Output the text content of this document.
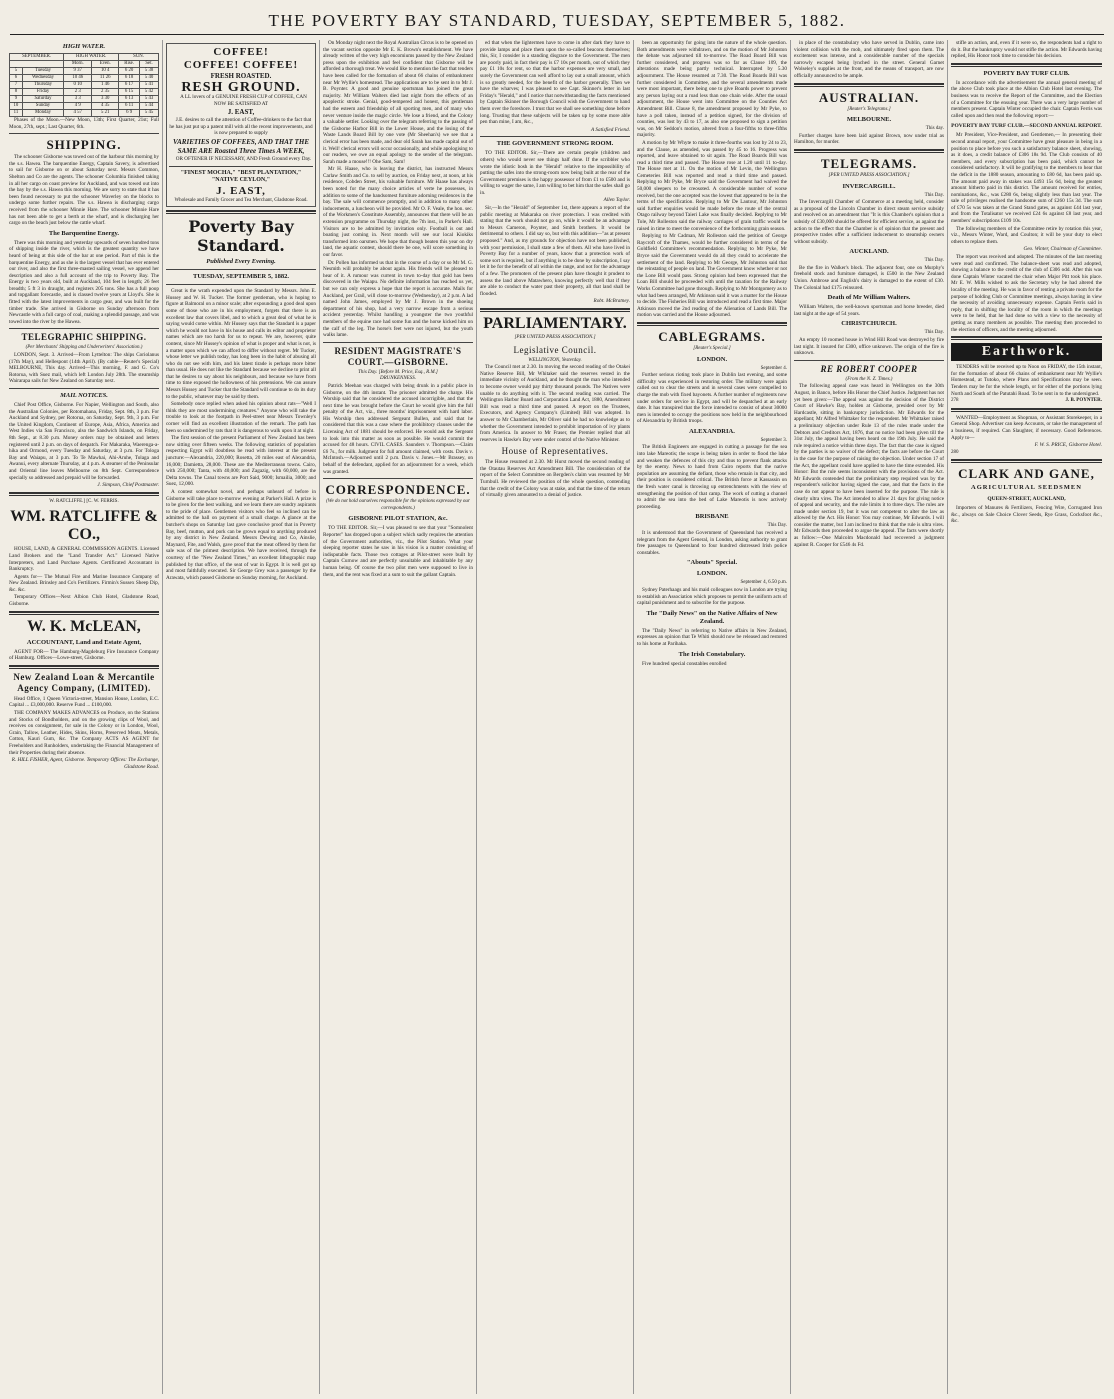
THE POVERTY BAY STANDARD, TUESDAY, SEPTEMBER 5, 1882.
HIGH WATER.
SEPTEMBER.		HIGH WATER.		SUN.	
		Morn.	Even.	Rise.	Set.
5	Tuesday	9 37	10 4	6 20	5 38
6	Wednesday	10 46	11 26	6 18	5 40
7	Thursday	0 10	1 46	6 17	5 41
8	Friday	2 3	2 35	6 15	5 42
9	Saturday	3 3	3 30	6 13	5 43
10	Sunday	4 9	4 35	6 11	5 44
11	Monday	4 57	5 21	6 9	5 45

Phases of the Moon.—New Moon, 13th; First Quarter, 21st; Full Moon, 27th, sept.; Last Quarter, 6th.

SHIPPING.

The schooner Gisborne was towed out of the harbour this morning by the s.s. Hawea. The barquentine Energy, Captain Savery, is advertised to sail for Gisborne on or about Saturday next. Messrs Common, Shelton and Co are the agents. The schooner Columbia finished taking in all her cargo on coast preview for Auckland, and was towed out into the bay by the s.s. Hawea this morning. We are sorry to state that it has been found necessary to put the schooner Waverley on the blocks to undergo some further repairs. The s.s. Hawea is discharging cargo received from the schooner Minnie Hare. The schooner Minnie Hare has not been able to get a berth at the wharf, and is discharging her cargo on the beach just below the cattle wharf.

The Barquentine Energy.

There was this morning and yesterday upwards of seven hundred tons of shipping inside the river, which is the greatest quantity we have heard of being at this side of the bar at one period. Part of this is the barquentine Energy, and as she is the largest vessel that has ever entered our river, and also the first three-masted sailing vessel, we append her description and also a full account of the trip to Poverty Bay. The Energy is two years old, built at Auckland, 104 feet in length; 26 feet breadth; 5 ft 3 in draught, and registers 205 tons. She has a full poop and topgallant forecastle, and is classed twelve years at Lloyd's. She is fitted with the latest improvements in cargo gear, and was built for the timber trade. She arrived in Gisborne on Sunday afternoon from Newcastle with a full cargo of coal, making a splendid passage, and was towed into the river by the Hawea.

TELEGRAPHIC SHIPPING.
(Per Merchants' Shipping and Underwriters' Association.)

LONDON, Sept. 3. Arrived—From Lyttelton: The ships Coriolanus (17th May), and Hellespont (14th April). (By cable—Reuter's Special) MELBOURNE, This day. Arrived—This morning, F. and G. Co's Rotorua, with Suez mail, which left London July 28th. The steamship Wairarapa sails for New Zealand on Saturday next.

MAIL NOTICES.

Chief Post Office, Gisborne. For Napier, Wellington and South, also the Australian Colonies, per Rotomahana, Friday, Sept. 8th, 3 p.m. For Auckland and Sydney, per Rotorua, on Saturday, Sept. 9th, 3 p.m. For the United Kingdom, Continent of Europe, Asia, Africa, America and West Indies via San Francisco, also the Sandwich Islands, on Friday, 8th Sept., at 8.30 p.m. Money orders may be obtained and letters registered until 2 p.m. on days of despatch. For Makaraka, Waerenga-a-hika and Ormond, every Tuesday and Saturday, at 3 p.m. For Tologa Bay and Waiapu, at 3 p.m. To Te Mawhai, Ahi-Aruhe, Tolaga and Awanui, every alternate Thursday, at 4 p.m. A steamer of the Peninsular and Oriental line leaves Melbourne on 8th Sept. Correspondence specially so addressed and prepaid will be forwarded.

J. Simpson, Chief Postmaster.

W. RATCLIFFE.] [C. W. FERRIS.
WM. RATCLIFFE & CO.,

HOUSE, LAND, & GENERAL COMMISSION AGENTS. Licensed Land Brokers and the "Land Transfer Act." Licensed Native Interpreters, and Land Purchase Agents. Certificated Accountant in Bankruptcy.

Agents for— The Mutual Fire and Marine Insurance Company of New Zealand. Brinsley and Co's Fertilizers. Firmin's Sussex Sheep Dip, &c. &c.

Temporary Offices—Next Albion Club Hotel, Gladstone Road, Gisborne.

W. K. McLEAN,
ACCOUNTANT, Land and Estate Agent,

AGENT FOR— The Hamburg-Magdeburg Fire Insurance Company of Hamburg. Offices—Lowe-street, Gisborne.

New Zealand Loan & Mercantile Agency Company, (LIMITED).

Head Office, 1 Queen Victoria-street, Mansion House, London, E.C. Capital ... £3,000,000. Reserve Fund ... £100,000.

THE COMPANY MAKES ADVANCES on Produce, on the Stations and Stocks of Bondholders, and on the growing clips of Wool, and receives on consignment, for sale in the Colony or in London, Wool, Grain, Tallow, Leather, Hides, Skins, Horns, Preserved Meats, Metals, Cotton, Kauri Gum, &c. The Company ACTS AS AGENT for Freeholders and Runholders, undertaking the Financial Management of their Properties during their absence.

R. HILL FISHER, Agent, Gisborne. Temporary Offices: The Exchange, Gladstone Road.

COFFEE!
COFFEE! COFFEE!
FRESH ROASTED.
RESH GROUND.

A LL lovers of a GENUINE FRESH CUP of COFFEE, CAN NOW BE SATISFIED AT

J. EAST,

J.E. desires to call the attention of Coffee-drinkers to the fact that he has just put up a patent mill with all the recent improvements, and is now prepared to supply

VARIETIES OF COFFEES, AND THAT THE SAME ARE Roasted Three Times A WEEK,

OR OFTENER IF NECESSARY, AND Fresh Ground every Day.

"FINEST MOCHA," "BEST PLANTATION," "NATIVE CEYLON,"
J. EAST,
Wholesale and Family Grocer and Tea Merchant, Gladstone Road.
Poverty Bay Standard.
Published Every Evening.
TUESDAY, SEPTEMBER 5, 1882.

Great is the wrath expended upon the Standard by Messrs. John E. Hussey and W. H. Tucker. The former gentleman, who is hoping to figure at Balmoral on a minor scale; after expounding a good deal upon some of those who are in his employment, forgets that there is an excellent law that covers libel, and to which a great deal of what he is saying would come within. Mr Hussey says that the Standard is a paper which he would not have in his house and calls its editor and proprietor names which are too harsh for us to repeat. We are, however, quite content, since Mr Hussey's opinion of what is proper and what is not, is a matter upon which we can afford to differ without regret. Mr Tucker, whose letter we publish today, has long been in the habit of abusing all who do not see with him, and his latest tirade is perhaps more bitter than usual. He does not like the Standard because we decline to print all that he desires to say about his neighbours, and because we have from time to time exposed the hollowness of his pretensions. We can assure Messrs Hussey and Tucker that the Standard will continue to do its duty to the public, whatever may be said by them.

Somebody once replied when asked his opinion about rats—"Well I think they are most undermining creatures." Anyone who will take the trouble to look at the footpath in Peel-street near Messrs Townley's corner will find an excellent illustration of the remark. The path has been so undermined by rats that it is dangerous to walk upon it at night.

The first session of the present Parliament of New Zealand has been now sitting over fifteen weeks. The following statistics of population respecting Egypt will doubtless be read with interest at the present juncture:—Alexandria, 220,000; Rosetta, 20 miles east of Alexandria, 16,000; Damietta, 28,000. These are the Mediterranean towns. Cairo, with 250,000; Tanta, with 40,000; and Zagazig, with 60,000, are the Delta towns. The Canal towns are Port Said, 9000; Ismailia, 3000; and Suez, 12,000.

A contest somewhat novel, and perhaps unheard of before in Gisborne will take place to-morrow evening at Parker's Hall. A prize is to be given for the best walking, and we learn there are sundry aspirants to the pride of place. Gentlemen visitors who feel so inclined can be admitted to the hall on payment of a small charge. A glance at the butcher's shops on Saturday last gave conclusive proof that in Poverty Bay, beef, mutton, and pork can be grown equal to anything produced by any district in New Zealand. Messrs Dewing and Co, Ainslie, Maynard, Fite, and Walsh, gave proof that the meat offered by them for sale was of the primest description. We have received, through the courtesy of the "New Zealand Times," an excellent lithographic map published by that office, of the seat of war in Egypt. It is well got up and most faithfully executed. Sir George Grey was a passenger by the Arawata, which passed Gisborne on Sunday morning, for Auckland.

On Monday night next the Royal Australian Circus is to be opened on the vacant section opposite Mr E. K. Brown's establishment. We have already written of the very high encomiums passed by the New Zealand press upon the exhibition and feel confident that Gisborne will be afforded a thorough treat. We would like to mention the fact that tenders have been called for the formation of about 66 chains of embankment near Mr Wyllie's homestead. The applications are to be sent in to Mr J. B. Poynter. A good and genuine sportsman has joined the great majority. Mr William Walters died last night from the effects of an apoplectic stroke. Genial, good-tempered and honest, this gentleman had the esteem and friendship of all sporting men, and of many who never venture inside the magic circle. We lose a friend, and the Colony a valuable settler. Looking over the telegram referring to the passing of the Gisborne Harbor Bill in the Lower House, and the losing of the Waste Lands Board Bill by one vote (Mr Sheehan's) we see that a clerical error has been made, and dear old Sarah has made capital out of it. Well! clerical errors will occur occasionally, and while apologising to our readers, we owe an equal apology to the sender of the telegram. Sarah made a mouse!!! Ohe Sam, Sam!

Mr H. Haase, who is leaving the district, has instructed Messrs Carlaw Smith and Co. to sell by auction, on Friday next, at noon, at his residence, Cobden Street, his valuable furniture. Mr Haase has always been noted for the many choice articles of verte he possesses, in addition to some of the handsomest furniture adorning residences in the bay. The sale will commence promptly, and in addition to many other inducements, a luncheon will be provided. Mr O. F. Veale, the hon. sec. of the Workmen's Constitute Assembly, announces that there will be an extension programme on Thursday night, the 7th inst., in Parker's Hall. Visitors are to be admitted by invitation only. Football is out and boating just coming in. Next month will see our local Kiokiks transformed into oarsmen. We hope that though beaten this year on dry land, the aquatic contest, should there be one, will score something in our favor.

Dr. Pollen has informed us that in the course of a day or so Mr M. G. Nesmith will probably be about again. His friends will be pleased to hear of it. A rumour was current in town to-day that gold has been discovered in the Waiapu. No definite information has reached us yet, but we can only express a hope that the report is accurate. Mails for Auckland, per Grail, will close to-morrow (Wednesday), at 2 p.m. A lad named John James, employed by Mr J. Brown in the shoeing department of his shop, had a very narrow escape from a serious accident yesterday. Whilst handling a youngster the two youthful members of the equine race had some fun and the horse kicked him on the calf of the leg. The horse's feet were not injured, but the youth walks lame.

RESIDENT MAGISTRATE'S COURT.—GISBORNE.
This Day. [Before M. Price, Esq., R.M.]
DRUNKENNESS.

Patrick Meehan was charged with being drunk in a public place in Gisborne, on the 4th instant. The prisoner admitted the charge. His Worship said that he considered the accused incorrigible, and that the next time he was brought before the Court he would give him the full penalty of the Act, viz., three months' imprisonment with hard labor. His Worship then addressed Sergeant Bullen, and said that he considered that this was a case where the prohibitory clauses under the Licensing Act of 1881 should be enforced. He would ask the Sergeant to look into this matter as soon as possible. He would commit the accused for 48 hours. CIVIL CASES. Saunders v. Thompson.—Claim £6 7s., for milk. Judgment for full amount claimed, with costs. Davis v. McIntosh.—Adjourned until 2 p.m. Davis v. Jones.—Mr Brassey, on behalf of the defendant, applied for an adjournment for a week, which was granted.

CORRESPONDENCE.
(We do not hold ourselves responsible for the opinions expressed by our correspondents.)
GISBORNE PILOT STATION, &c.

TO THE EDITOR. Sir,—I was pleased to see that your "Somnolent Reporter" has dropped upon a subject which sadly requires the attention of the Government authorities, viz., the Pilot Station. What your sleeping reporter states he saw in his vision is a matter consisting of indisputable facts. Those two cottages at Pilot-street were built by Captain Curnow and are perfectly unsuitable and inhabitable by any human being. Of course the two pilot men were supposed to live in them, and the rent was fixed at a sum to suit the gallant Captain.

ed that when the lightermen have to come in after dark they have to provide lamps and place them upon the so-called beacons themselves; this, Sir, I consider is a standing disgrace to the Government. The men are poorly paid, in fact their pay is £7 10s per month, out of which they pay £1 10s for rent, so that the harbor expenses are very small, and surely the Government can well afford to lay out a small amount, which is so greatly needed, for the benefit of the harbor generally. Then we have the wharves; I was pleased to see Capt. Skinner's letter in last Friday's "Herald," and I notice that notwithstanding the facts mentioned by Captain Skinner the Borough Council wish the Government to hand them over the foreshore. I trust that we shall see something done before long. Trusting that these subjects will be taken up by some more able pen than mine, I am, &c.,

A Satisfied Friend.

THE GOVERNMENT STRONG ROOM.

TO THE EDITOR. Sir,—There are certain people (children and others) who would never see things half done. If the scribbler who wrote the idiotic bosh in the "Herald" relative to the impossibility of putting the safes into the strong-room now being built at the rear of the Government premises is the happy possessor of from £1 to £500 and is willing to wager the same, I am willing to bet him that the safes shall go in.

Allen Taylor.

Sir,—In the "Herald" of September 1st, there appears a report of the public meeting at Makaraka on river protection. I was credited with stating that the work should not go on, while it would be an advantage to Messrs Cameron, Poynter, and Smith brothers. It would be detrimental to others. I did say so, but with this addition—"as at present proposed." And, as my grounds for objection have not been published, with your permission, I shall state a few of them. All who have lived in Poverty Bay for a number of years, know that a protection work of some sort is required, but if anything is to be done by subscription, I say let it be for the benefit of all within the range, and not for the advantage of a few. The promoters of the present plan have thought it prudent to assess the land above Matawhero, knowing perfectly well that if they are able to conduct the water past their property, all that land shall be flooded.

Robt. McBratney.

PARLIAMENTARY.
[PER UNITED PRESS ASSOCIATION.]
Legislative Council.
WELLINGTON, Yesterday.

The Council met at 2.30. In moving the second reading of the Otakei Native Reserve Bill, Mr Whitaker said the reserves vested in the immediate vicinity of Auckland, and he thought the man who intended to become owner would pay thirty thousand pounds. The Natives were unable to do anything with it. The second reading was carried. The Wellington Harbor Board and Corporation Land Act, 1880, Amendment Bill was read a third time and passed. A report on the Trustees, Executors, and Agency Company's (Limited) Bill was adopted. In answer to Mr Chamberlain, Mr Oliver said he had no knowledge as to whether the Government intended to prohibit importation of ivy plants from America. In answer to Mr Fraser, the Premier replied that all reserves in Hawke's Bay were under control of the Native Minister.

House of Representatives.

The House resumed at 2.30. Mr Hurst moved the second reading of the Otautau Reserves Act Amendment Bill. The consideration of the report of the Select Committee on Bergden's claim was resumed by Mr Turnbull. He reviewed the position of the whole question, contending that the credit of the Colony was at stake, and that the time of the return of virtually given amounted to a denial of justice.

been an opportunity for going into the nature of the whole question. Both amendments were withdrawn, and on the motion of Mr Johnston the debate was adjourned till to-morrow. The Road Board Bill was further considered, and progress was so far as Clause 109, the alterations made being partly technical. Interrupted by 5.30 adjournment. The House resumed at 7.30. The Road Boards Bill was further considered in Committee, and the several amendments made were most important, there being one to give Boards power to prevent any person laying out a road less than one chain wide. After the usual adjournment, the House went into Committee on the Counties Act Amendment Bill. Clause 8, the amendment proposed by Mr Pyke, to have a poll taken, instead of a petition signed, for the division of counties, was lost by 43 to 17, as also one proposed to sign a petition was, on Mr Seddon's motion, altered from a four-fifths to three-fifths majority.

A motion by Mr Whyte to make it three-fourths was lost by 24 to 23, and the Clause, as amended, was passed by 45 to 16. Progress was reported, and leave obtained to sit again. The Road Boards Bill was read a third time and passed. The House rose at 1.20 until 11 to-day. The House met at 11. On the motion of Mr Levin, the Wellington Cemeteries Bill was reported and read a third time and passed. Replying to Mr Pyke, Mr Bryce said the Government had waived the 50,000 sleepers to be creosoted. A considerable number of worse received, but the one accepted was the lowest that appeared to be in the terms of the specification. Replying to Mr De Lautour, Mr Johnston said further enquiries would be made before the route of the central Otago railway beyond Taieri Lake was finally decided. Replying to Mr Tole, Mr Rolleston said the railway carriages of grain traffic would be raised in time to meet the convenience of the forthcoming grain season.

Replying to Mr Cadman, Mr Rolleston said the petition of George Raycroft of the Thames, would be further considered in terms of the Goldfield Committee's recommendation. Replying to Mr Pyke, Mr Bryce said the Government would do all they could to accelerate the settlement of the land. Replying to Mr George, Mr Johnston said that the reinstating of people on land. The Government know whether or not the Lone Bill would pass. Strong opinion had been expressed that the Loan Bill should be proceeded with until the taxation for the Railway Works Committee had gone through. Replying to Mr Montgomery as to what had been arranged, Mr Atkinson said it was a matter for the House to decide. The Fisheries Bill was introduced and read a first time. Major Atkinson moved the 2nd reading of the Alienation of Lands Bill. The motion was carried and the House adjourned.

CABLEGRAMS.
[Reuter's Special.]
LONDON.
September 4.

Further serious rioting took place in Dublin last evening, and some difficulty was experienced in restoring order. The military were again called out to clear the streets and in several cases were compelled to charge the mob with fixed bayonets. A further number of regiments now under orders for service in Egypt, and will be despatched at an early date. It has transpired that the force intended to consist of about 30000 men is intended to occupy the positions now held in the neighbourhood of Alexandria by British troops.

ALEXANDRIA.
September 3.

The British Engineers are engaged in cutting a passage for the sea into lake Mareotis; the scope is being taken in order to flood the lake and weaken the defences of this city and thus to prevent flank attacks by the enemy. News to hand from Cairo reports that the native population are assuming the defiant, those who remain in that city, and their position is considered critical. The British force at Kassassin on the fresh water canal is throwing up entrenchments with the view of strengthening the position of that camp. The work of cutting a channel to admit the sea into the bed of Lake Mareotis is now actively proceeding.

BRISBANE
This Day.

It is understood that the Government of Queensland has received a telegram from the Agent General, in London, asking authority to grant free passages to Queensland to four hundred distressed Irish police constables.

"Abouts" Special.
LONDON.
September 4, 6.50 p.m.

Sydney Paterhaags and his maid colleagues now in London are trying to establish an Association which proposes to permit the uniform acts of capital punishment and to subscribe for the purpose.

The "Daily News" on the Native Affairs of New Zealand.

The "Daily News" in referring to Native affairs in New Zealand, expresses an opinion that Te Whiti should now be released and restored to his home at Parihaka.

The Irish Constabulary.

Five hundred special constables enrolled

in place of the constabulary who have served in Dublin, came into violent collision with the mob, and ultimately fired upon them. The excitement was intense, and a considerable number of the specials narrowly escaped being lynched in the street. General Garnet Wolseley's supplies at the front, and the means of transport, are now officially announced to be ample.

AUSTRALIAN.
[Reuter's Telegrams.]
MELBOURNE.
This day.

Further charges have been laid against Brown, now under trial as Hamilton, for murder.

TELEGRAMS.
[PER UNITED PRESS ASSOCIATION.]
INVERCARGILL.
This Day.

The Invercargill Chamber of Commerce at a meeting held, consider as a proposal of the Lincoln Chamber in direct steam service subsidy and resolved on an amendment that "It is this Chamber's opinion that a subsidy of £30,000 should be offered for efficient service, as against the action to the effect that the Chamber is of opinion that the present and prospective trades offer a sufficient inducement to steamship owners without subsidy.

AUCKLAND.
This Day.

Be the fire in Walker's block. The adjacent four, one on Murphy's freehold stock and furniture damaged, is £500 in the New Zealand Union. Ambrose and English's dairy is damaged to the extent of £30. The Colonial had £175 reinsured.

Death of Mr William Walters.

William Walters, the well-known sportsman and horse breeder, died last night at the age of 54 years.

CHRISTCHURCH.
This Day.

An empty 10 roomed house in Wind Hill Road was destroyed by fire last night. It insured for £300, office unknown. The origin of the fire is unknown.

RE ROBERT COOPER
(From the N. Z. Times.)

The following appeal case was heard in Wellington on the 30th August, in Banco, before His Honor the Chief Justice. Judgment has not yet been given:—The appeal was against the decision of the District Court of Hawke's Bay, holden at Gisborne, presided over by Mr Hardcastle, sitting in bankruptcy jurisdiction. Mr Edwards for the appellant; Mr Alfred Whittaker for the respondent. Mr Whittaker raised a preliminary objection under Rule 13 of the rules made under the Debtors and Creditors Act, 1876, that no notice had been given till the 31st July, the appeal having been heard on the 19th July. He said the rule required a notice within three days. The fact that the case is signed by the parties is no waiver of the defect; the facts are before the Court in the case for the purpose of raising the objection. Under section 17 of the Act, the appellant could have applied to have the time extended. His Honor: But the rule seems inconsistent with the provisions of the Act. Mr Edwards contended that the preliminary step required was by the respondent's solicitor having signed the case, and that the facts in the case do not appear to have been inserted for the purpose. The rule is clearly ultra vires. The Act intended to allow 21 days for giving notice of appeal and security, and the rule limits it to three days. The rules are made under section 19, but it was not competent to alter the law as allowed by the Act. His Honor: You may continue, Mr Edwards. I will consider the matter, but I am inclined to think that the rule is ultra vires. Mr Edwards then proceeded to argue the appeal. The facts were shortly as follow:—One Malcolm Macdonald had recovered a judgment against R. Cooper for £546 4s Fd.

stifle an action, and, even if it were so, the respondents had a right to do it. But the bankruptcy would not stifle the action. Mr Edwards having replied, His Honor took time to consider his decision.

POVERTY BAY TURF CLUB.

In accordance with the advertisement the annual general meeting of the above Club took place at the Albion Club Hotel last evening. The business was to receive the Report of the Committee, and the Election of a Committee for the ensuing year. There was a very large number of members present. Captain Winter occupied the chair. Captain Ferris was called upon and then read the following report:—

POVERTY BAY TURF CLUB.—SECOND ANNUAL REPORT.

Mr President, Vice-President, and Gentlemen,— In presenting their second annual report, your Committee have great pleasure in being in a position to place before you such a satisfactory balance sheet, showing, as it does, a credit balance of £306 18s 9d. The Club consists of 40 members, and every subscription has been paid, which cannot be considered satisfactory. It will be gratifying to the members to hear that the deficit in the 1880 season, amounting to £80 6d, has been paid up. The amount paid away in stakes was £493 15s 6d, being the greatest amount hitherto paid in this district. The amount received for entries, nominations, &c., was £280 6s, being slightly less than last year. The sale of privileges realised the handsome sum of £260 15s 3d. The sum of £70 5s was taken at the Grand Stand gates, as against £44 last year, and from the Totalisator we received £24 6s against £8 last year, and members' subscriptions £109 10s.

The following members of the Committee retire by rotation this year, viz., Messrs Winter, Ward, and Coulton; it will be your duty to elect others to replace them.

Geo. Winter, Chairman of Committee.

The report was received and adopted. The minutes of the last meeting were read and confirmed. The balance-sheet was read and adopted, showing a balance to the credit of the club of £306 odd. After this was done Captain Winter vacated the chair when Major Pitt took his place. Mr E. W. Mills wished to ask the Secretary why he had altered the locality of the meeting. He was in favor of renting a private room for the purpose of holding Club or Committee meetings, always having in view the necessity of avoiding unnecessary expense. Captain Ferris said in reply, that in shifting the locality of the room in which the meetings were to be held, that he had done so with a view to the necessity of getting as many members as possible. The meeting then proceeded to the election of officers, and the meeting adjourned.

Earthwork.

TENDERS will be received up to Noon on FRIDAY, the 15th instant, for the formation of about 66 chains of embankment near Mr Wyllie's Homestead, at Tutoko, where Plans and Specifications may be seen. Tenders may be for the whole length, or for either of the portions lying North and South of the Patutahi Road. To be sent in to the undersigned.

278	J. B. POYNTER.

WANTED—Employment as Shopman, or Assistant Storekeeper, in a General Shop. Advertiser can keep Accounts, or take the management of a business, if required. Can Slaughter, if necessary. Good References. Apply to—

F. W. S. PRICE, Gisborne Hotel.

280
CLARK AND GANE,
AGRICULTURAL SEEDSMEN
QUEEN-STREET, AUCKLAND,

Importers of Manures & Fertilizers, Fencing Wire, Corrugated Iron &c., always on Sale Choice Clover Seeds, Rye Grass, Cocksfoot &c., &c.
